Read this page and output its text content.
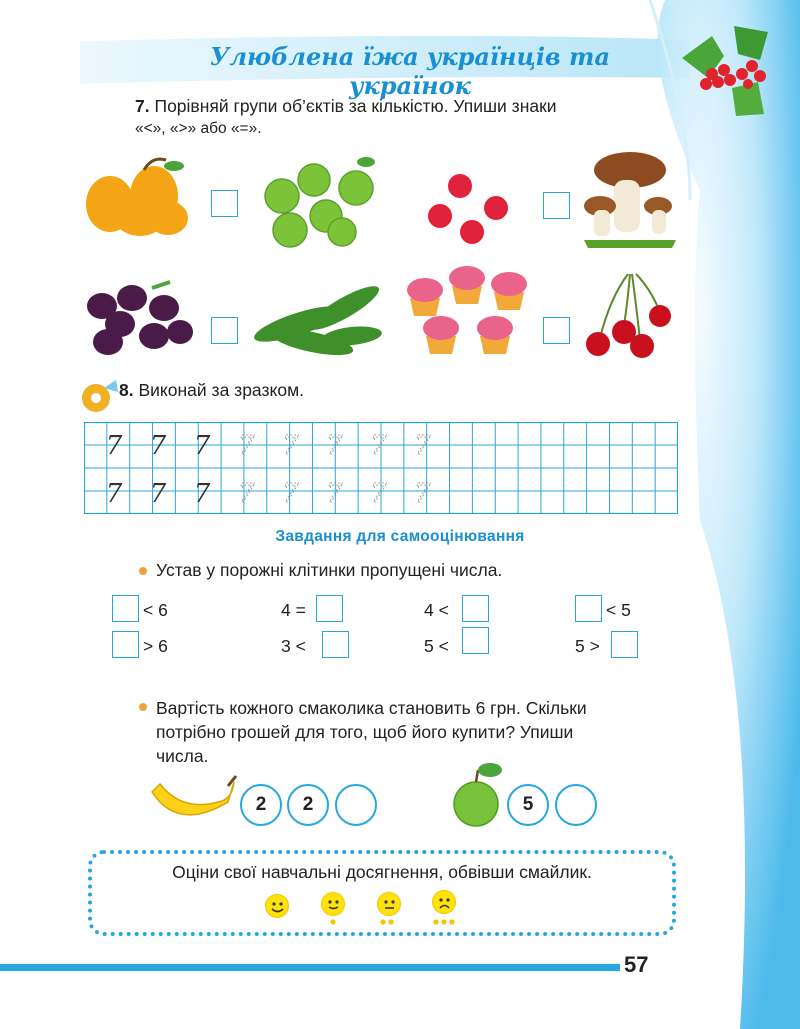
Улюблена їжа українців та українок
7. Порівняй групи об’єктів за кількістю. Упиши знаки
«<», «>» або «=».
8. Виконай за зразком.
7 7 7 7 7 7 7 7
7 7 7 7 7 7 7 7
Завдання для самооцінювання
Устав у порожні клітинки пропущені числа.
< 6	4 =	4 <	< 5
> 6	3 <	5 <	5 >
Вартість кожного смаколика становить 6 грн. Скільки
потрібно грошей для того, щоб його купити? Упиши
числа.
2	2	5
Оціни свої навчальні досягнення, обвівши смайлик.
57
